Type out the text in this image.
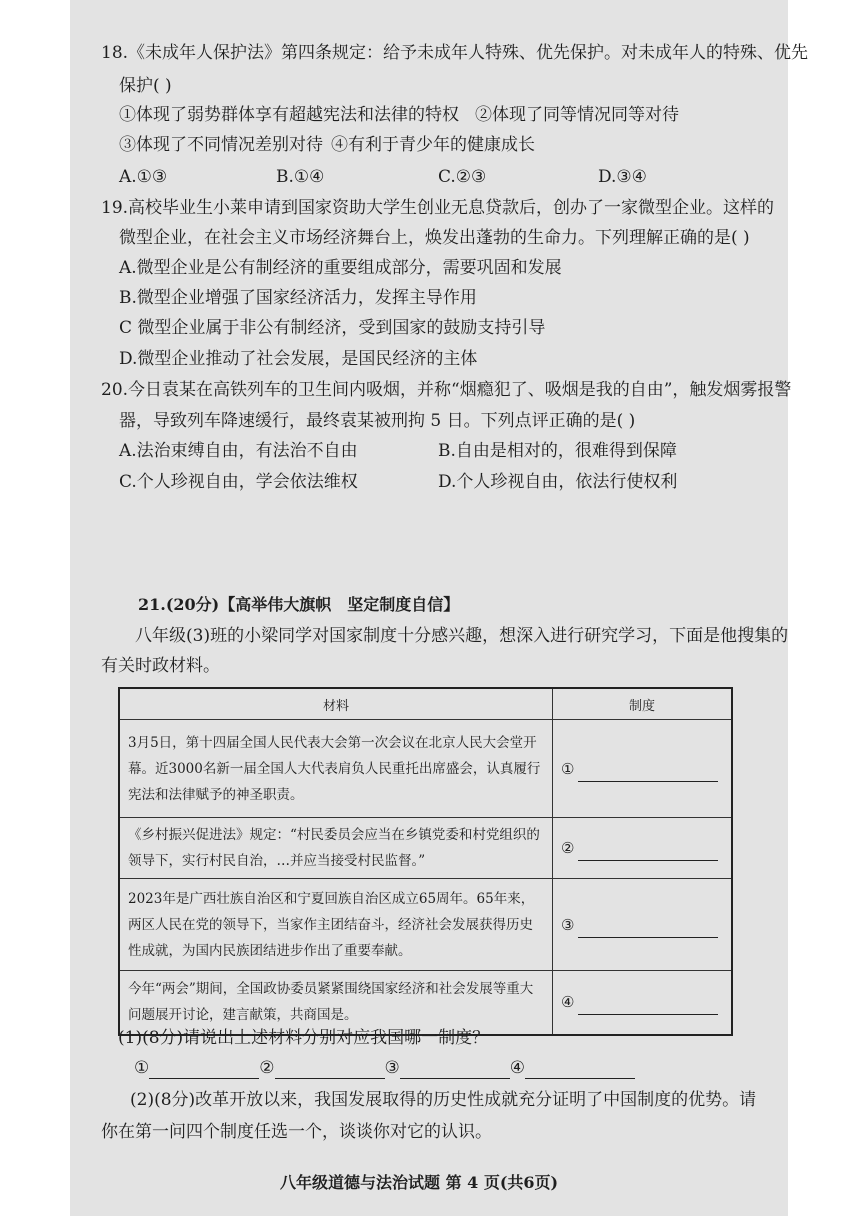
18.《未成年人保护法》第四条规定：给予未成年人特殊、优先保护。对未成年人的特殊、优先
保护( )
①体现了弱势群体享有超越宪法和法律的特权 ②体现了同等情况同等对待
③体现了不同情况差别对待 ④有利于青少年的健康成长
A.①③	B.①④	C.②③	D.③④
19.高校毕业生小莱申请到国家资助大学生创业无息贷款后，创办了一家微型企业。这样的
微型企业，在社会主义市场经济舞台上，焕发出蓬勃的生命力。下列理解正确的是( )
A.微型企业是公有制经济的重要组成部分，需要巩固和发展
B.微型企业增强了国家经济活力，发挥主导作用
C 微型企业属于非公有制经济，受到国家的鼓励支持引导
D.微型企业推动了社会发展，是国民经济的主体
20.今日袁某在高铁列车的卫生间内吸烟，并称“烟瘾犯了、吸烟是我的自由”，触发烟雾报警
器，导致列车降速缓行，最终袁某被刑拘 5 日。下列点评正确的是( )
A.法治束缚自由，有法治不自由	B.自由是相对的，很难得到保障
C.个人珍视自由，学会依法维权	D.个人珍视自由，依法行使权利
21.(20分)【高举伟大旗帜　坚定制度自信】
八年级(3)班的小梁同学对国家制度十分感兴趣，想深入进行研究学习，下面是他搜集的
有关时政材料。
材料	制度
3月5日，第十四届全国人民代表大会第一次会议在北京人民大会堂开幕。近3000名新一届全国人大代表肩负人民重托出席盛会，认真履行宪法和法律赋予的神圣职责。	①
《乡村振兴促进法》规定：“村民委员会应当在乡镇党委和村党组织的领导下，实行村民自治，…并应当接受村民监督。”	②
2023年是广西壮族自治区和宁夏回族自治区成立65周年。65年来，两区人民在党的领导下，当家作主团结奋斗，经济社会发展获得历史性成就，为国内民族团结进步作出了重要奉献。	③
今年“两会”期间，全国政协委员紧紧围绕国家经济和社会发展等重大问题展开讨论，建言献策，共商国是。	④
(1)(8分)请说出上述材料分别对应我国哪一制度？
①	②	③	④
(2)(8分)改革开放以来，我国发展取得的历史性成就充分证明了中国制度的优势。请
你在第一问四个制度任选一个，谈谈你对它的认识。
八年级道德与法治试题 第 4 页(共6页)
